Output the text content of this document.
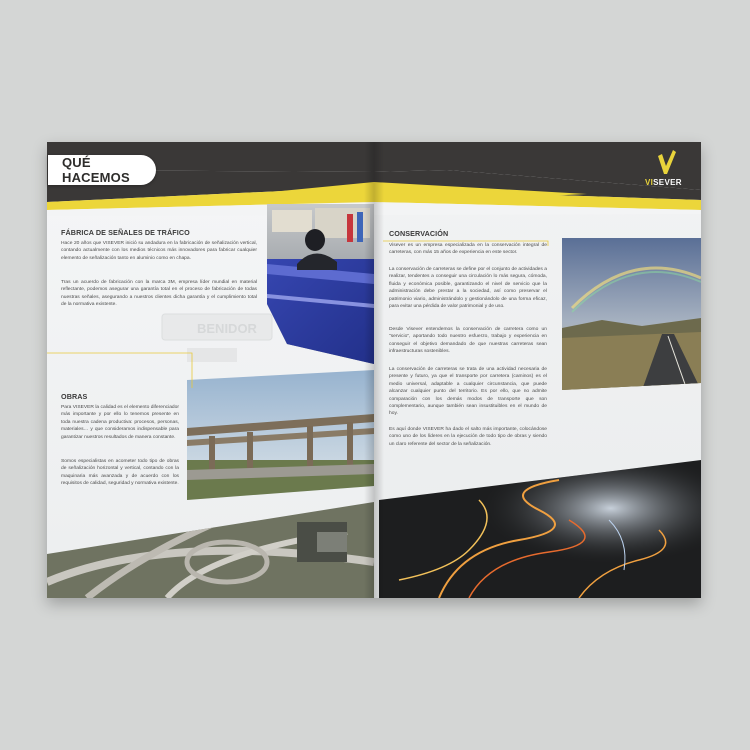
BENIDOR
QUÉ HACEMOS	VISEVER
FÁBRICA DE SEÑALES DE TRÁFICO

Hace 20 años que VISEVER inició su andadura en la fabricación de señalización vertical, contando actualmente con los medios técnicos más innovadores para fabricar cualquier elemento de señalización tanto en aluminio como en chapa.

Tras un acuerdo de fabricación con la marca 3M, empresa líder mundial en material reflectante, podemos asegurar una garantía total en el proceso de fabricación de todas nuestras señales, asegurando a nuestros clientes dicha garantía y el cumplimiento total de la normativa existente.

OBRAS

Para VISEVER la calidad es el elemento diferenciador más importante y por ello lo tenemos presente en toda nuestra cadena productiva: procesos, personas, materiales… y que consideramos indispensable para garantizar nuestros resultados de manera constante.

Somos especialistas en acometer todo tipo de obras de señalización horizontal y vertical, contando con la maquinaria más avanzada y de acuerdo con los requisitos de calidad, seguridad y normativa existente.

CONSERVACIÓN

Visever es un empresa especializada en la conservación integral de carreteras, con más 15 años de experiencia en este sector.

La conservación de carreteras se define por el conjunto de actividades a realizar, tendentes a conseguir una circulación lo más segura, cómoda, fluida y económica posible, garantizando el nivel de servicio que la administración debe prestar a la sociedad, así como preservar el patrimonio viario, administrándolo y gestionándolo de una forma eficaz, para evitar una pérdida de valor patrimonial y de uso.

Desde Visever entendemos la conservación de carretera como un "servicio", aportando todo nuestro esfuerzo, trabajo y experiencia en conseguir el objetivo demandado de que nuestras carreteras sean infraestructuras sostenibles.

La conservación de carreteras se trata de una actividad necesaria de presente y futuro, ya que el transporte por carretera (caminos) es el medio universal, adaptable a cualquier circunstancia, que puede alcanzar cualquier punto del territorio. Es por ello, que no admite comparación con los demás modos de transporte que son complementario, aunque también sean insustituibles en el mundo de hoy.

Es aquí donde VISEVER ha dado el salto más importante, colocándose como uno de los líderes en la ejecución de todo tipo de obras y siendo un claro referente del sector de la señalización.
